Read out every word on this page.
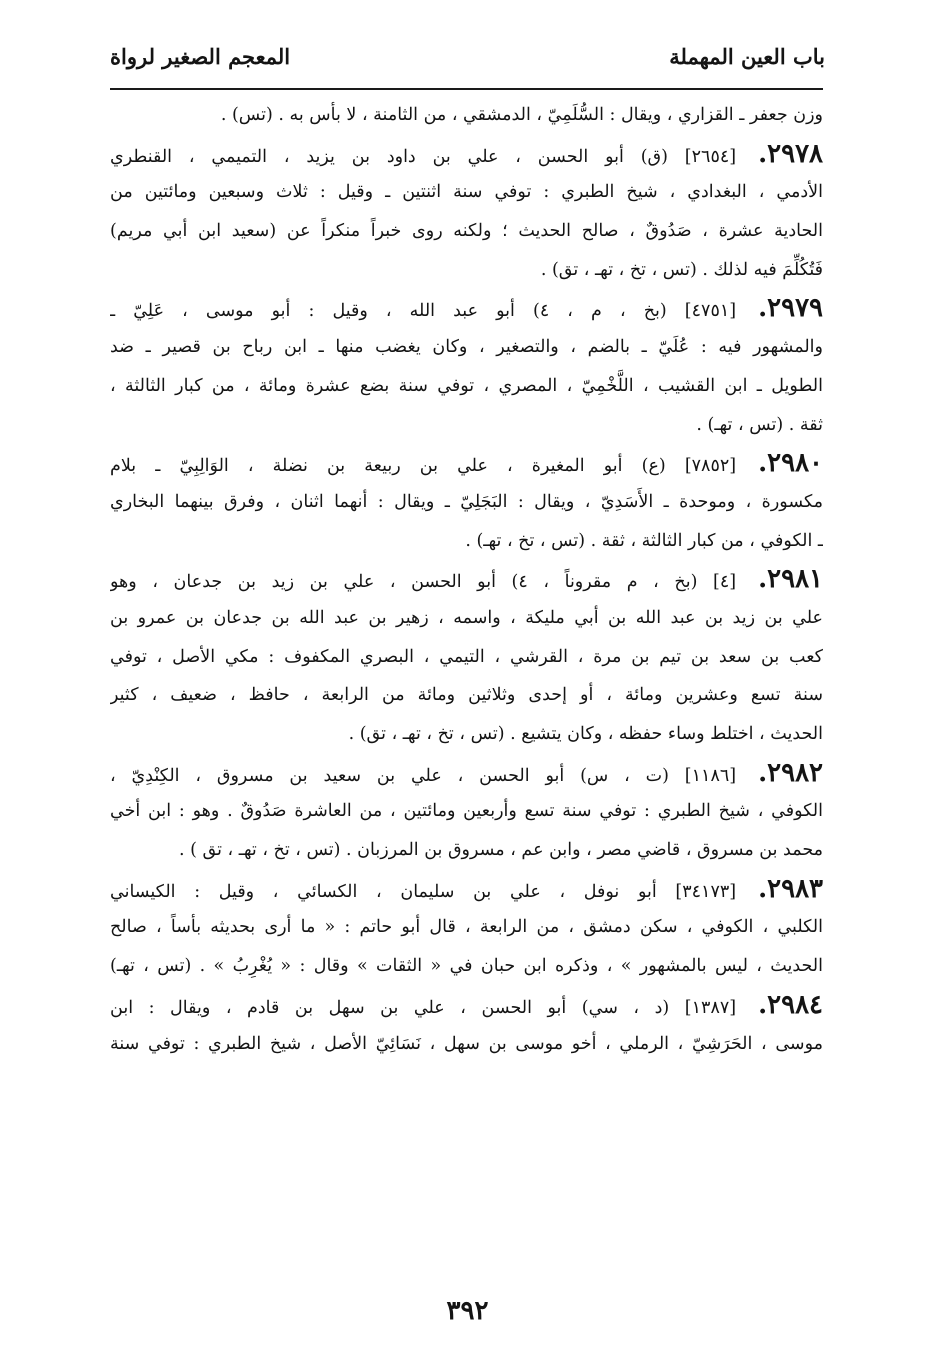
باب العين المهملة
المعجم الصغير لرواة
وزن جعفر ـ القزاري ، ويقال : السُّلَمِيّ ، الدمشقي ، من الثامنة ، لا بأس به . (تس) .
٢٩٧٨.[٢٦٥٤] (ق) أبو الحسن ، علي بن داود بن يزيد ، التميمي ، القنطري
الأدمي ، البغدادي ، شيخ الطبري : توفي سنة اثنتين ـ وقيل : ثلاث وسبعين ومائتين من
الحادية عشرة ، صَدُوقٌ ، صالح الحديث ؛ ولكنه روى خبراً منكراً عن (سعيد ابن أبي مريم)
فَتُكُلِّمَ فيه لذلك . (تس ، تخ ، تهـ ، تق) .
٢٩٧٩.[٤٧٥١] (بخ ، م ، ٤) أبو عبد الله ، وقيل : أبو موسى ، عَلِيّ ـ
والمشهور فيه : عُلَيّ ـ بالضم ، والتصغير ، وكان يغضب منها ـ ابن رباح بن قصير ـ ضد
الطويل ـ ابن القشيب ، اللَّخْمِيّ ، المصري ، توفي سنة بضع عشرة ومائة ، من كبار الثالثة ،
ثقة . (تس ، تهـ) .
٢٩٨٠.[٧٨٥٢] (ع) أبو المغيرة ، علي بن ربيعة بن نضلة ، الوَالِبِيّ ـ بلام
مكسورة ، وموحدة ـ الأَسَدِيّ ، ويقال : البَجَلِيّ ـ ويقال : أنهما اثنان ، وفرق بينهما البخاري
ـ الكوفي ، من كبار الثالثة ، ثقة . (تس ، تخ ، تهـ) .
٢٩٨١.[٤] (بخ ، م مقروناً ، ٤) أبو الحسن ، علي بن زيد بن جدعان ، وهو
علي بن زيد بن عبد الله بن أبي مليكة ، واسمه ، زهير بن عبد الله بن جدعان بن عمرو بن
كعب بن سعد بن تيم بن مرة ، القرشي ، التيمي ، البصري المكفوف : مكي الأصل ، توفي
سنة تسع وعشرين ومائة ، أو إحدى وثلاثين ومائة من الرابعة ، حافظ ، ضعيف ، كثير
الحديث ، اختلط وساء حفظه ، وكان يتشيع . (تس ، تخ ، تهـ ، تق) .
٢٩٨٢.[١١٨٦] (ت ، س) أبو الحسن ، علي بن سعيد بن مسروق ، الكِنْدِيّ ،
الكوفي ، شيخ الطبري : توفي سنة تسع وأربعين ومائتين ، من العاشرة صَدُوقٌ . وهو : ابن أخي
محمد بن مسروق ، قاضي مصر ، وابن عم ، مسروق بن المرزبان . (تس ، تخ ، تهـ ، تق ) .
٢٩٨٣.[٣٤١٧٣] أبو نوفل ، علي بن سليمان ، الكسائي ، وقيل : الكيساني
الكلبي ، الكوفي ، سكن دمشق ، من الرابعة ، قال أبو حاتم : « ما أرى بحديثه بأساً ، صالح
الحديث ، ليس بالمشهور » ، وذكره ابن حبان في « الثقات » وقال : « يُغْرِبُ » . (تس ، تهـ)
٢٩٨٤.[١٣٨٧] (د ، سي) أبو الحسن ، علي بن سهل بن قادم ، ويقال : ابن
موسى ، الحَرَشِيّ ، الرملي ، أخو موسى بن سهل ، نَسَائِيّ الأصل ، شيخ الطبري : توفي سنة
٣٩٢
